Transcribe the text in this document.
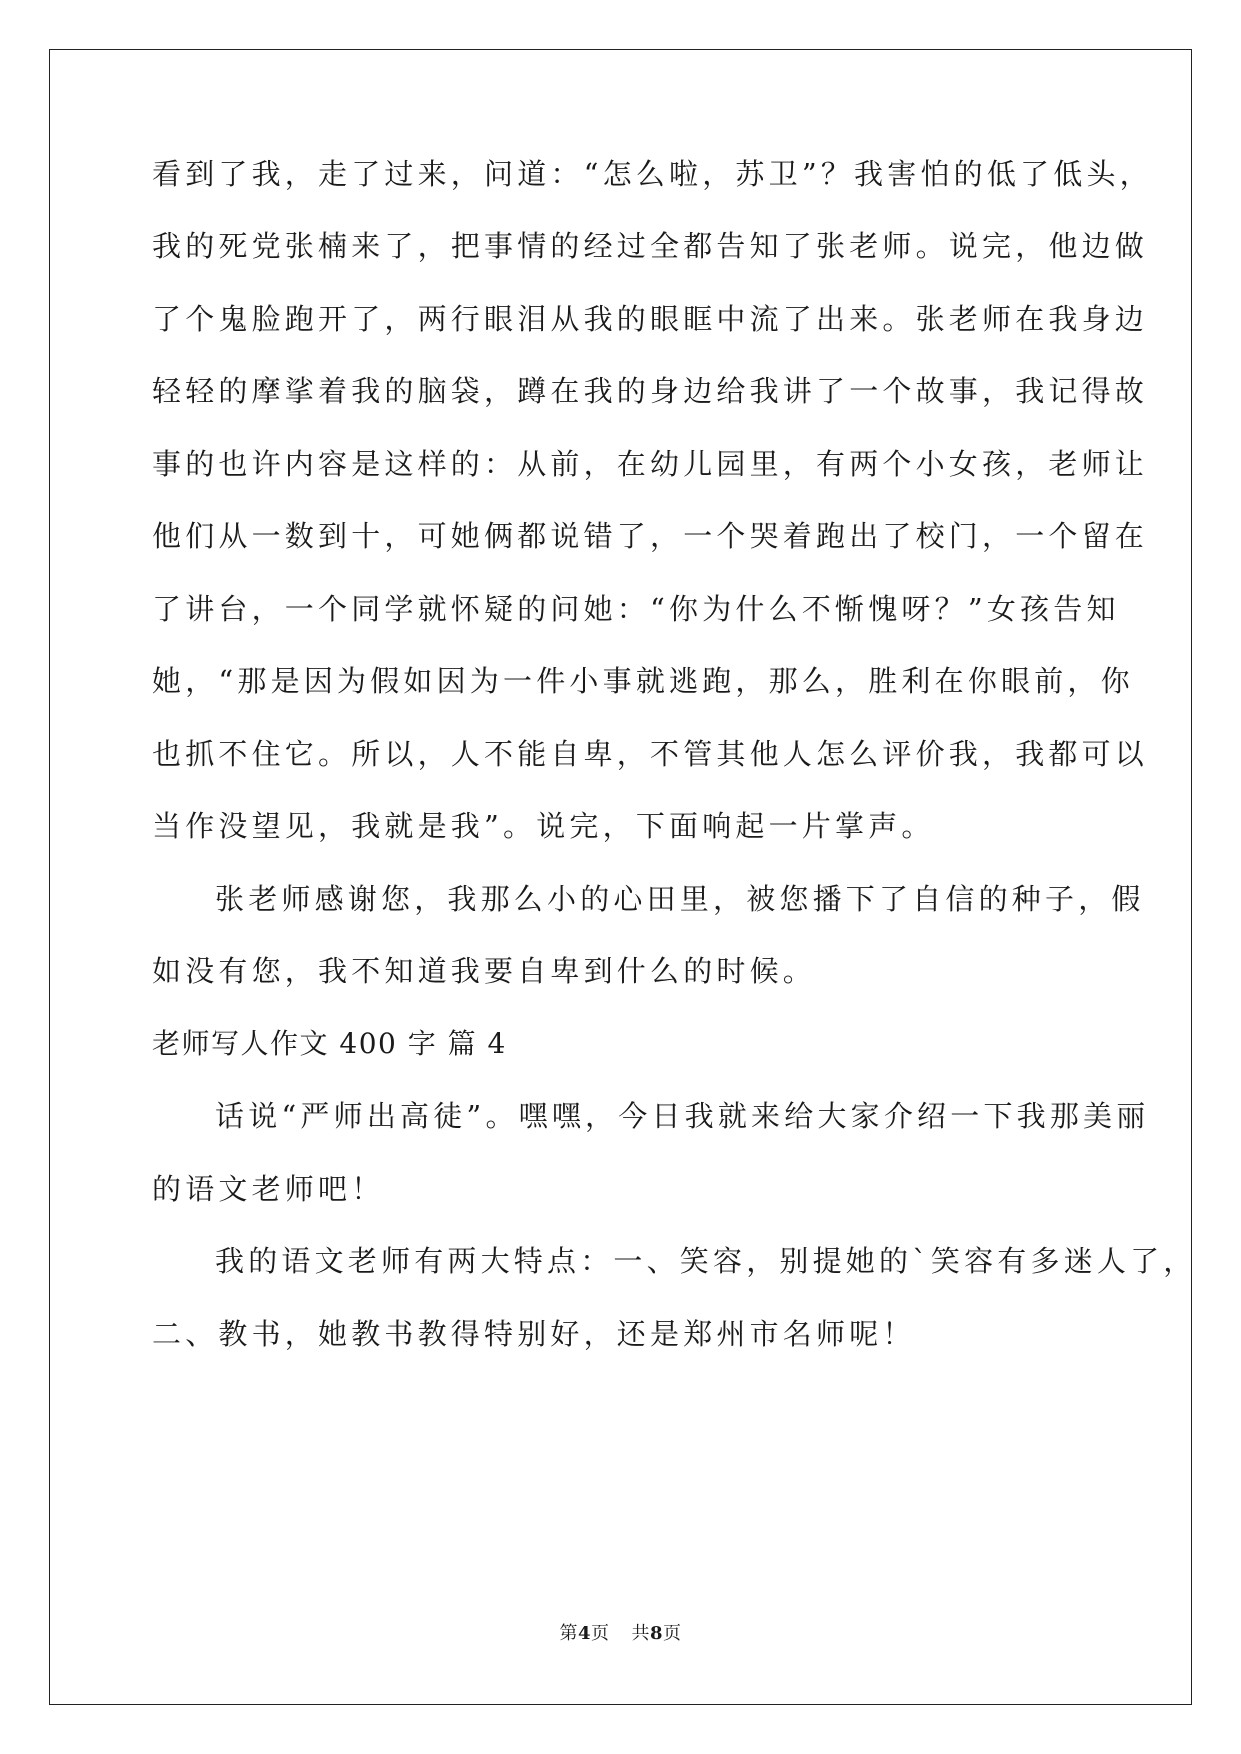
看到了我，走了过来，问道：“怎么啦，苏卫”？我害怕的低了低头，
我的死党张楠来了，把事情的经过全都告知了张老师。说完，他边做
了个鬼脸跑开了，两行眼泪从我的眼眶中流了出来。张老师在我身边
轻轻的摩挲着我的脑袋，蹲在我的身边给我讲了一个故事，我记得故
事的也许内容是这样的：从前，在幼儿园里，有两个小女孩，老师让
他们从一数到十，可她俩都说错了，一个哭着跑出了校门，一个留在
了讲台，一个同学就怀疑的问她：“你为什么不惭愧呀？”女孩告知
她，“那是因为假如因为一件小事就逃跑，那么，胜利在你眼前，你
也抓不住它。所以，人不能自卑，不管其他人怎么评价我，我都可以
当作没望见，我就是我”。说完，下面响起一片掌声。
张老师感谢您，我那么小的心田里，被您播下了自信的种子，假
如没有您，我不知道我要自卑到什么的时候。
老师写人作文 400 字 篇 4
话说“严师出高徒”。嘿嘿，今日我就来给大家介绍一下我那美丽
的语文老师吧！
我的语文老师有两大特点：一、笑容，别提她的`笑容有多迷人了，
二、教书，她教书教得特别好，还是郑州市名师呢！
第4页 共8页
